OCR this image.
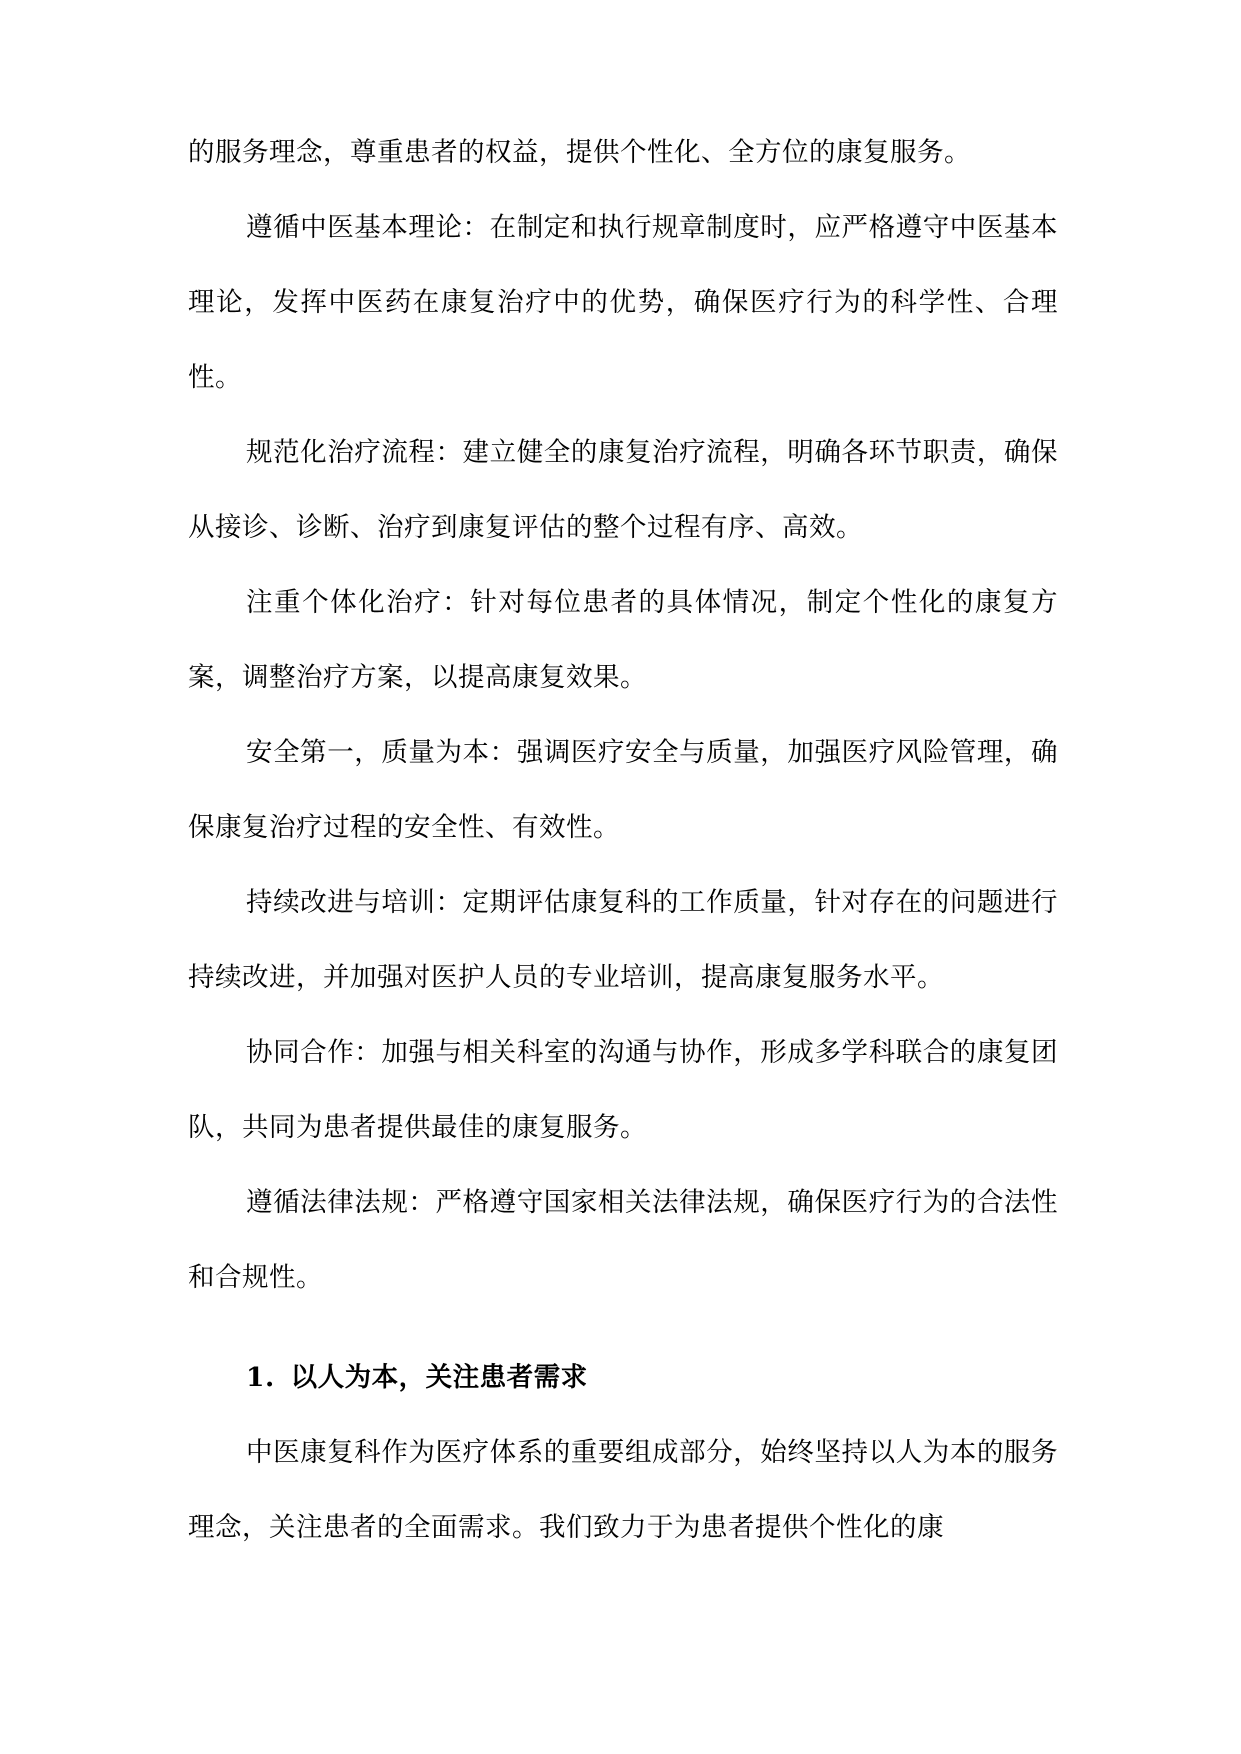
的服务理念，尊重患者的权益，提供个性化、全方位的康复服务。

遵循中医基本理论：在制定和执行规章制度时，应严格遵守中医基本理论，发挥中医药在康复治疗中的优势，确保医疗行为的科学性、合理性。

规范化治疗流程：建立健全的康复治疗流程，明确各环节职责，确保从接诊、诊断、治疗到康复评估的整个过程有序、高效。

注重个体化治疗：针对每位患者的具体情况，制定个性化的康复方案，调整治疗方案，以提高康复效果。

安全第一，质量为本：强调医疗安全与质量，加强医疗风险管理，确保康复治疗过程的安全性、有效性。

持续改进与培训：定期评估康复科的工作质量，针对存在的问题进行持续改进，并加强对医护人员的专业培训，提高康复服务水平。

协同合作：加强与相关科室的沟通与协作，形成多学科联合的康复团队，共同为患者提供最佳的康复服务。

遵循法律法规：严格遵守国家相关法律法规，确保医疗行为的合法性和合规性。

1. 以人为本，关注患者需求

中医康复科作为医疗体系的重要组成部分，始终坚持以人为本的服务理念，关注患者的全面需求。我们致力于为患者提供个性化的康
